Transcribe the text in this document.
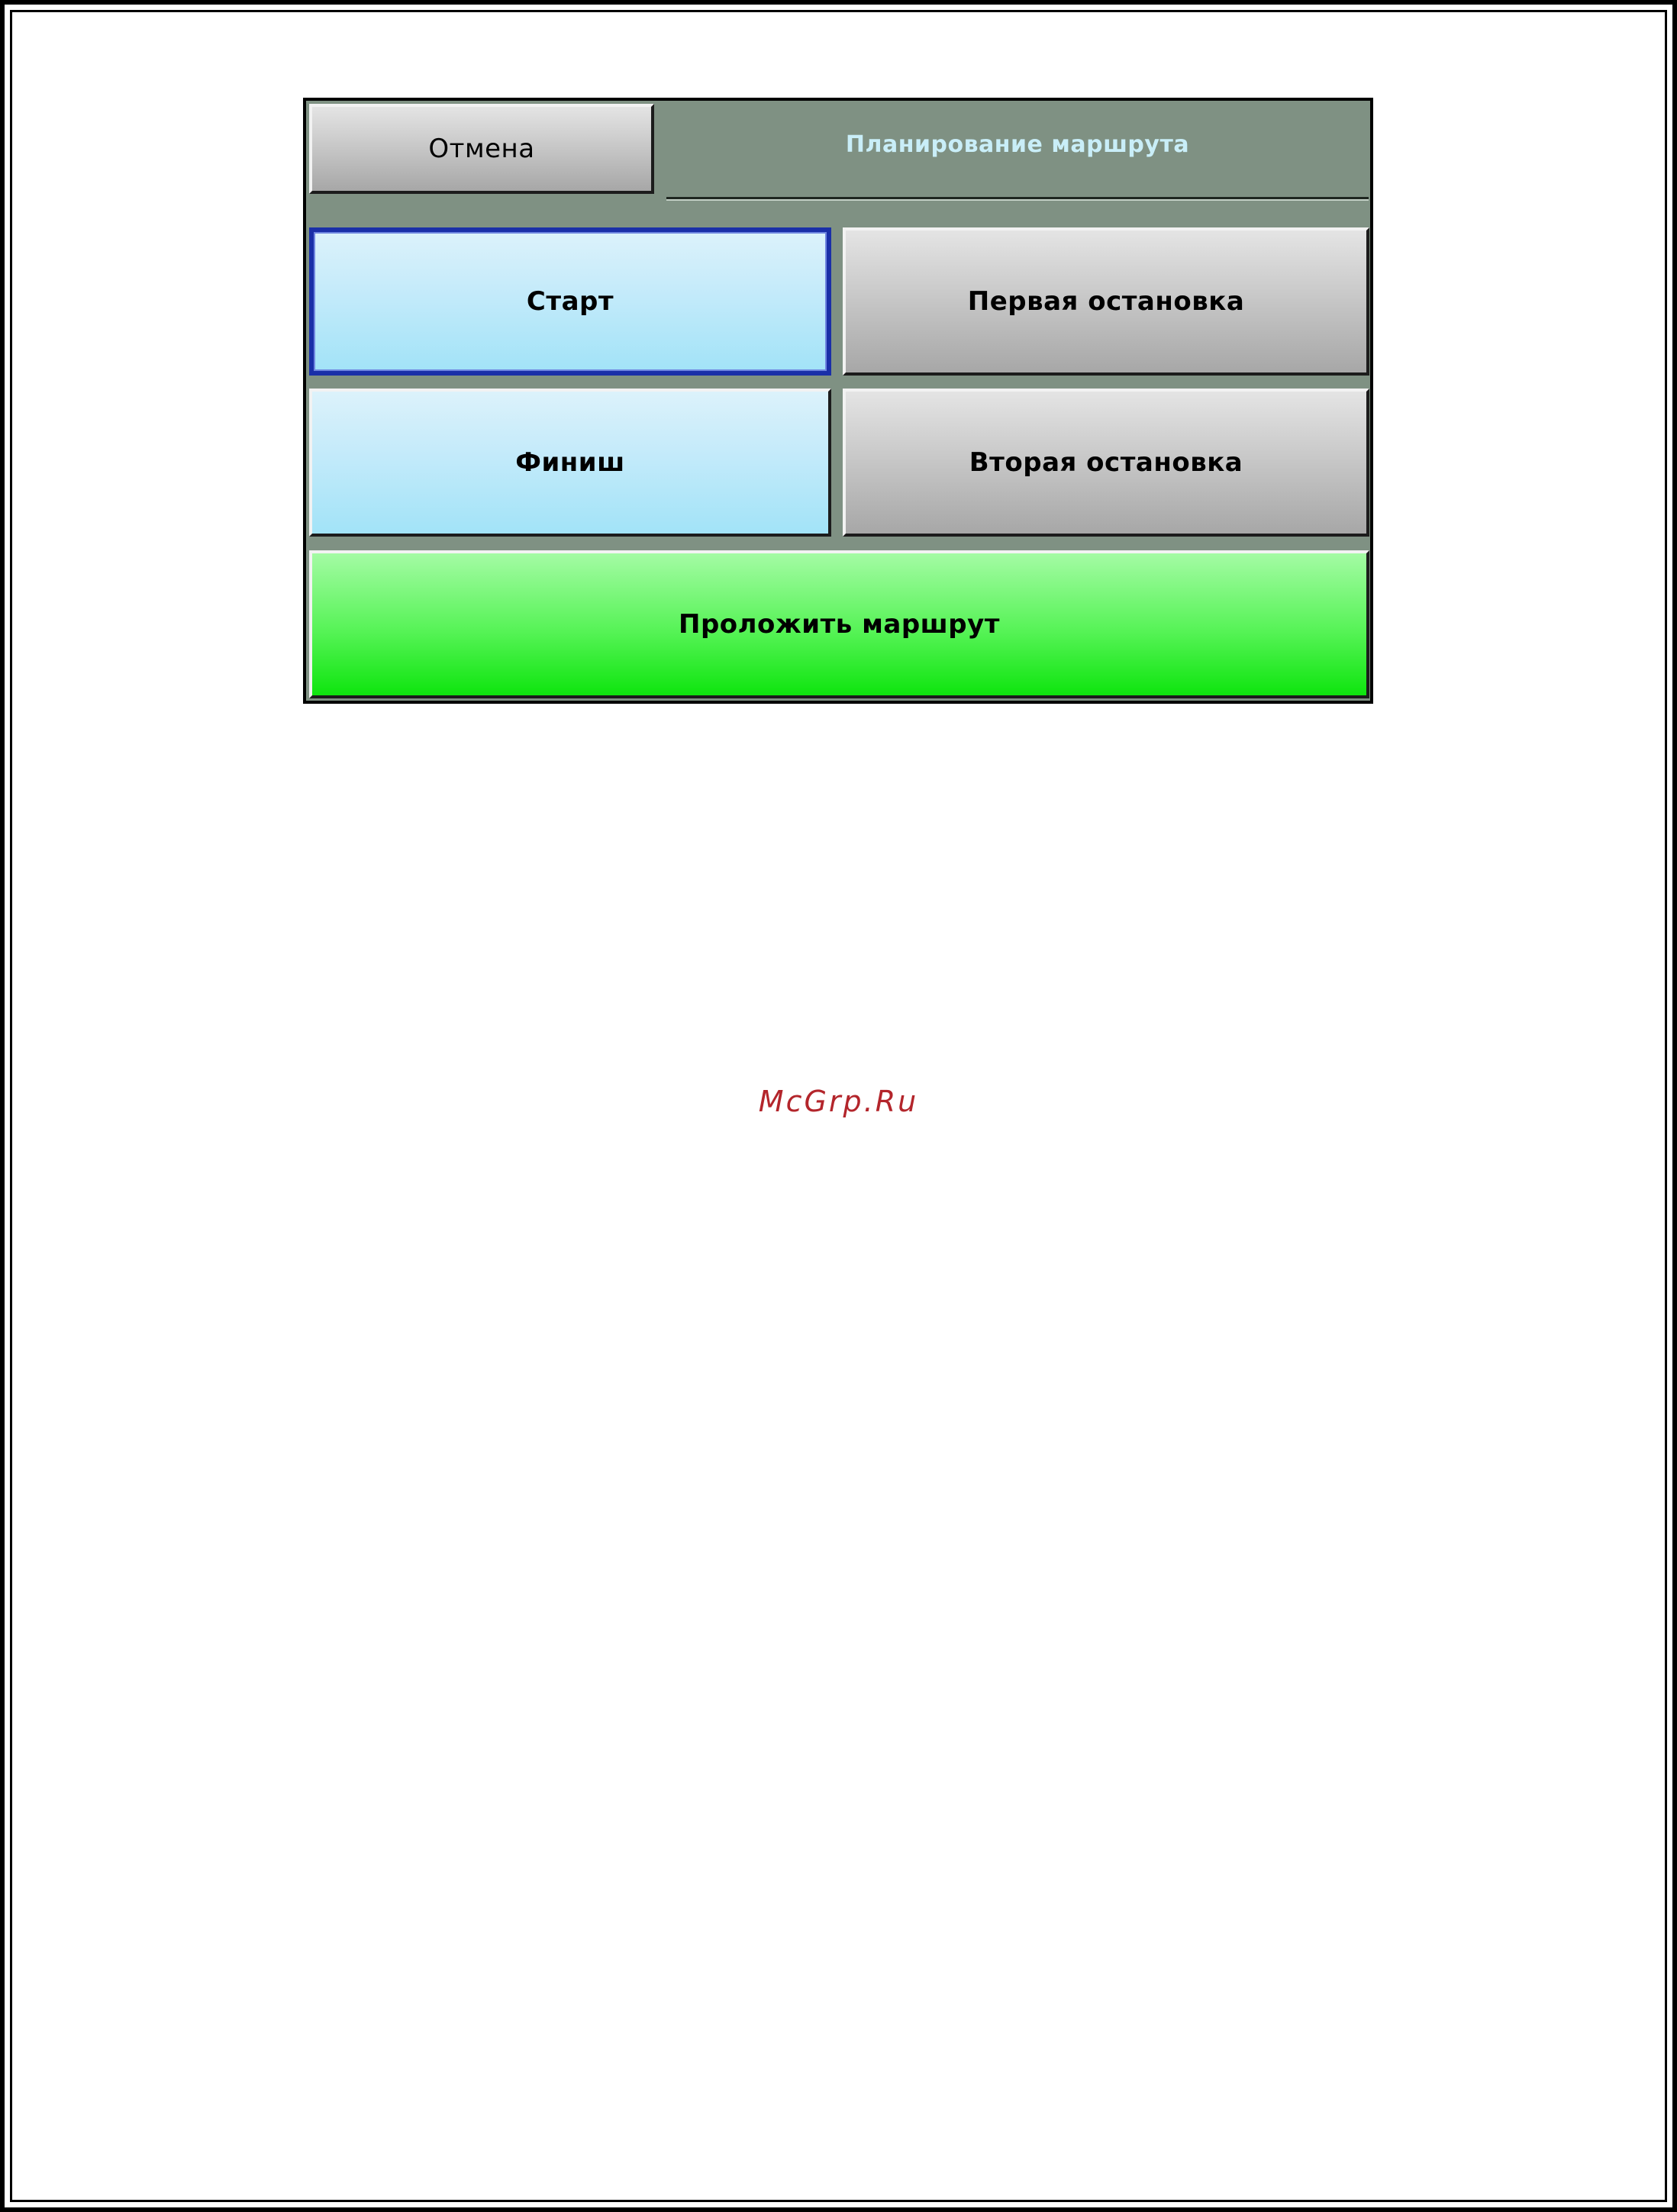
Отмена	Планирование маршрута
Старт	Первая остановка
Финиш	Вторая остановка
Проложить маршрут
McGrp.Ru
